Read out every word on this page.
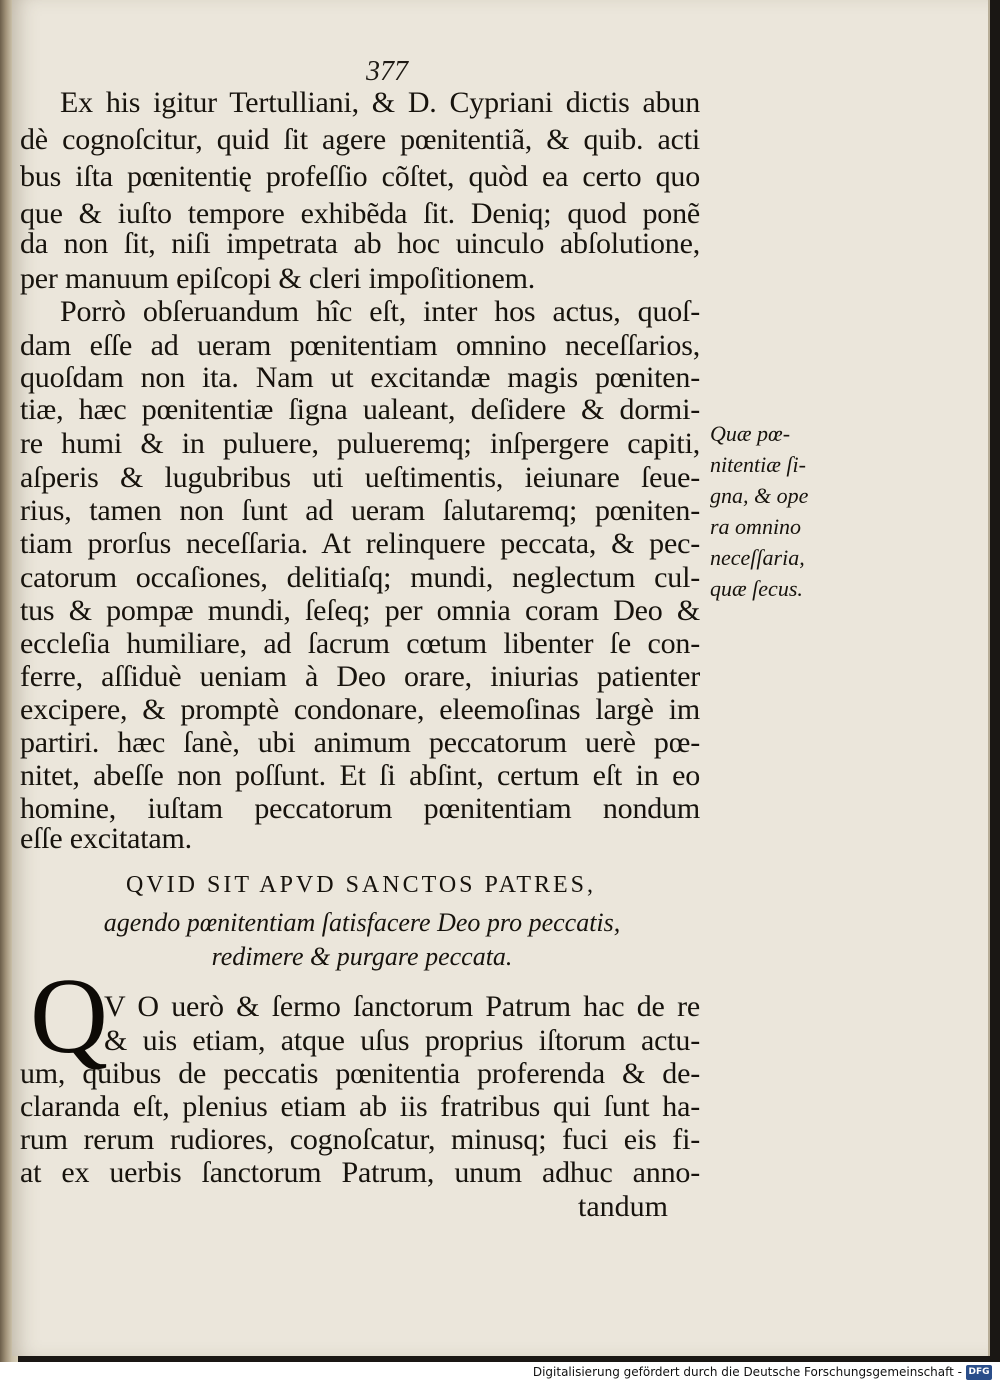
377
Ex his igitur Tertulliani, & D. Cypriani dictis abun
dè cognoſcitur, quid ſit agere pœnitentiã, & quib. acti
bus iſta pœnitentię profeſſio cõſtet, quòd ea certo quo
que & iuſto tempore exhibẽda ſit. Deniq; quod ponẽ
da non ſit, niſi impetrata ab hoc uinculo abſolutione,
per manuum epiſcopi & cleri impoſitionem.
Porrò obſeruandum hîc eſt, inter hos actus, quoſ-
dam eſſe ad ueram pœnitentiam omnino neceſſarios,
quoſdam non ita. Nam ut excitandæ magis pœniten-
tiæ, hæc pœnitentiæ ſigna ualeant, deſidere & dormi-
re humi & in puluere, pulueremq; inſpergere capiti,
aſperis & lugubribus uti ueſtimentis, ieiunare ſeue-
rius, tamen non ſunt ad ueram ſalutaremq; pœniten-
tiam prorſus neceſſaria. At relinquere peccata, & pec-
catorum occaſiones, delitiaſq; mundi, neglectum cul-
tus & pompæ mundi, ſeſeq; per omnia coram Deo &
eccleſia humiliare, ad ſacrum cœtum libenter ſe con-
ferre, aſſiduè ueniam à Deo orare, iniurias patienter
excipere, & promptè condonare, eleemoſinas largè im
partiri. hæc ſanè, ubi animum peccatorum uerè pœ-
nitet, abeſſe non poſſunt. Et ſi abſint, certum eſt in eo
homine, iuſtam peccatorum pœnitentiam nondum
eſſe excitatam.
Quæ pœ-
nitentiæ ſi-
gna, & ope
ra omnino
neceſſaria,
quæ ſecus.
QVID SIT APVD SANCTOS PATRES,
agendo pœnitentiam ſatisfacere Deo pro peccatis,
redimere & purgare peccata.
Q
V O uerò & ſermo ſanctorum Patrum hac de re
& uis etiam, atque uſus proprius iſtorum actu-
um, quibus de peccatis pœnitentia proferenda & de-
claranda eſt, plenius etiam ab iis fratribus qui ſunt ha-
rum rerum rudiores, cognoſcatur, minusq; fuci eis fi-
at ex uerbis ſanctorum Patrum, unum adhuc anno-
tandum
Digitalisierung gefördert durch die Deutsche Forschungsgemeinschaft - DFG
